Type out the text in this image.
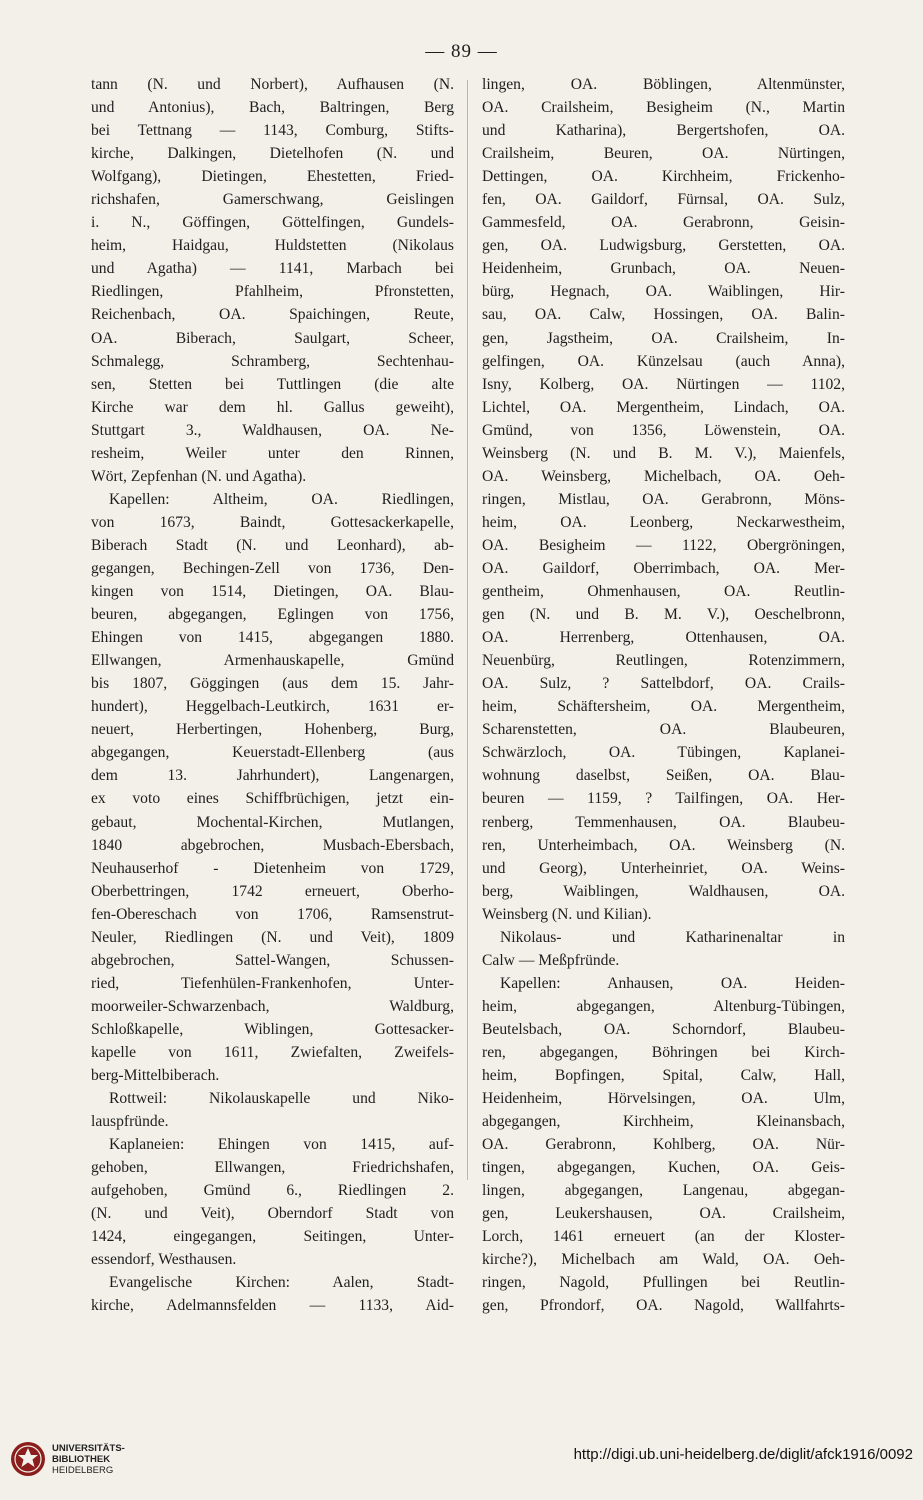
— 89 —
tann (N. und Norbert), Aufhausen (N.
und Antonius), Bach, Baltringen, Berg
bei Tettnang — 1143, Comburg, Stifts-
kirche, Dalkingen, Dietelhofen (N. und
Wolfgang), Dietingen, Ehestetten, Fried-
richshafen, Gamerschwang, Geislingen
i. N., Göffingen, Göttelfingen, Gundels-
heim, Haidgau, Huldstetten (Nikolaus
und Agatha) — 1141, Marbach bei
Riedlingen, Pfahlheim, Pfronstetten,
Reichenbach, OA. Spaichingen, Reute,
OA. Biberach, Saulgart, Scheer,
Schmalegg, Schramberg, Sechtenhau-
sen, Stetten bei Tuttlingen (die alte
Kirche war dem hl. Gallus geweiht),
Stuttgart 3., Waldhausen, OA. Ne-
resheim, Weiler unter den Rinnen,
Wört, Zepfenhan (N. und Agatha).
Kapellen: Altheim, OA. Riedlingen,
von 1673, Baindt, Gottesackerkapelle,
Biberach Stadt (N. und Leonhard), ab-
gegangen, Bechingen-Zell von 1736, Den-
kingen von 1514, Dietingen, OA. Blau-
beuren, abgegangen, Eglingen von 1756,
Ehingen von 1415, abgegangen 1880.
Ellwangen, Armenhauskapelle, Gmünd
bis 1807, Göggingen (aus dem 15. Jahr-
hundert), Heggelbach-Leutkirch, 1631 er-
neuert, Herbertingen, Hohenberg, Burg,
abgegangen, Keuerstadt-Ellenberg (aus
dem 13. Jahrhundert), Langenargen,
ex voto eines Schiffbrüchigen, jetzt ein-
gebaut, Mochental-Kirchen, Mutlangen,
1840 abgebrochen, Musbach-Ebersbach,
Neuhauserhof - Dietenheim von 1729,
Oberbettringen, 1742 erneuert, Oberho-
fen-Obereschach von 1706, Ramsenstrut-
Neuler, Riedlingen (N. und Veit), 1809
abgebrochen, Sattel-Wangen, Schussen-
ried, Tiefenhülen-Frankenhofen, Unter-
moorweiler-Schwarzenbach, Waldburg,
Schloßkapelle, Wiblingen, Gottesacker-
kapelle von 1611, Zwiefalten, Zweifels-
berg-Mittelbiberach.
Rottweil: Nikolauskapelle und Niko-
lauspfründe.
Kaplaneien: Ehingen von 1415, auf-
gehoben, Ellwangen, Friedrichshafen,
aufgehoben, Gmünd 6., Riedlingen 2.
(N. und Veit), Oberndorf Stadt von
1424, eingegangen, Seitingen, Unter-
essendorf, Westhausen.
Evangelische Kirchen: Aalen, Stadt-
kirche, Adelmannsfelden — 1133, Aid-
lingen, OA. Böblingen, Altenmünster,
OA. Crailsheim, Besigheim (N., Martin
und Katharina), Bergertshofen, OA.
Crailsheim, Beuren, OA. Nürtingen,
Dettingen, OA. Kirchheim, Frickenho-
fen, OA. Gaildorf, Fürnsal, OA. Sulz,
Gammesfeld, OA. Gerabronn, Geisin-
gen, OA. Ludwigsburg, Gerstetten, OA.
Heidenheim, Grunbach, OA. Neuen-
bürg, Hegnach, OA. Waiblingen, Hir-
sau, OA. Calw, Hossingen, OA. Balin-
gen, Jagstheim, OA. Crailsheim, In-
gelfingen, OA. Künzelsau (auch Anna),
Isny, Kolberg, OA. Nürtingen — 1102,
Lichtel, OA. Mergentheim, Lindach, OA.
Gmünd, von 1356, Löwenstein, OA.
Weinsberg (N. und B. M. V.), Maienfels,
OA. Weinsberg, Michelbach, OA. Oeh-
ringen, Mistlau, OA. Gerabronn, Möns-
heim, OA. Leonberg, Neckarwestheim,
OA. Besigheim — 1122, Obergröningen,
OA. Gaildorf, Oberrimbach, OA. Mer-
gentheim, Ohmenhausen, OA. Reutlin-
gen (N. und B. M. V.), Oeschelbronn,
OA. Herrenberg, Ottenhausen, OA.
Neuenbürg, Reutlingen, Rotenzimmern,
OA. Sulz, ? Sattelbdorf, OA. Crails-
heim, Schäftersheim, OA. Mergentheim,
Scharenstetten, OA. Blaubeuren,
Schwärzloch, OA. Tübingen, Kaplanei-
wohnung daselbst, Seißen, OA. Blau-
beuren — 1159, ? Tailfingen, OA. Her-
renberg, Temmenhausen, OA. Blaubeu-
ren, Unterheimbach, OA. Weinsberg (N.
und Georg), Unterheinriet, OA. Weins-
berg, Waiblingen, Waldhausen, OA.
Weinsberg (N. und Kilian).
Nikolaus- und Katharinenaltar in
Calw — Meßpfründe.
Kapellen: Anhausen, OA. Heiden-
heim, abgegangen, Altenburg-Tübingen,
Beutelsbach, OA. Schorndorf, Blaubeu-
ren, abgegangen, Böhringen bei Kirch-
heim, Bopfingen, Spital, Calw, Hall,
Heidenheim, Hörvelsingen, OA. Ulm,
abgegangen, Kirchheim, Kleinansbach,
OA. Gerabronn, Kohlberg, OA. Nür-
tingen, abgegangen, Kuchen, OA. Geis-
lingen, abgegangen, Langenau, abgegan-
gen, Leukershausen, OA. Crailsheim,
Lorch, 1461 erneuert (an der Kloster-
kirche?), Michelbach am Wald, OA. Oeh-
ringen, Nagold, Pfullingen bei Reutlin-
gen, Pfrondorf, OA. Nagold, Wallfahrts-
UNIVERSITÄTS-
BIBLIOTHEK
HEIDELBERG
http://digi.ub.uni-heidelberg.de/diglit/afck1916/0092
